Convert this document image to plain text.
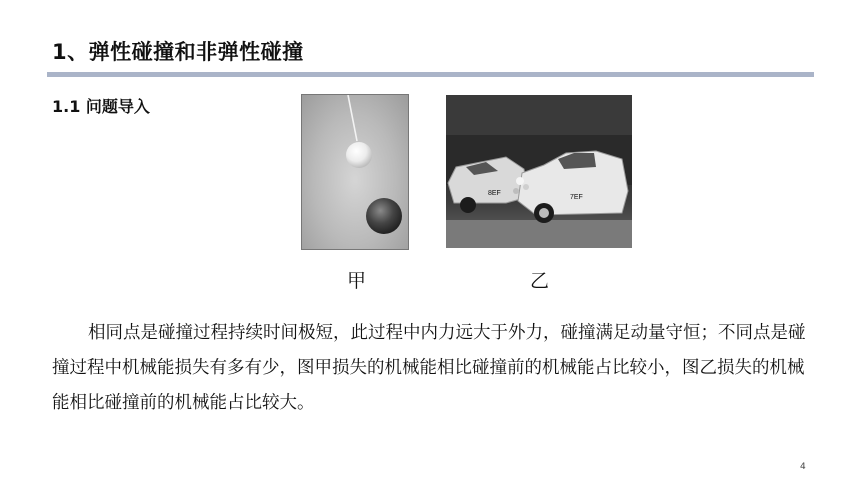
1、弹性碰撞和非弹性碰撞
1.1 问题导入
8EF
7EF
甲	乙
相同点是碰撞过程持续时间极短，此过程中内力远大于外力，碰撞满足动量守恒；不同点是碰撞过程中机械能损失有多有少，图甲损失的机械能相比碰撞前的机械能占比较小，图乙损失的机械能相比碰撞前的机械能占比较大。
4
